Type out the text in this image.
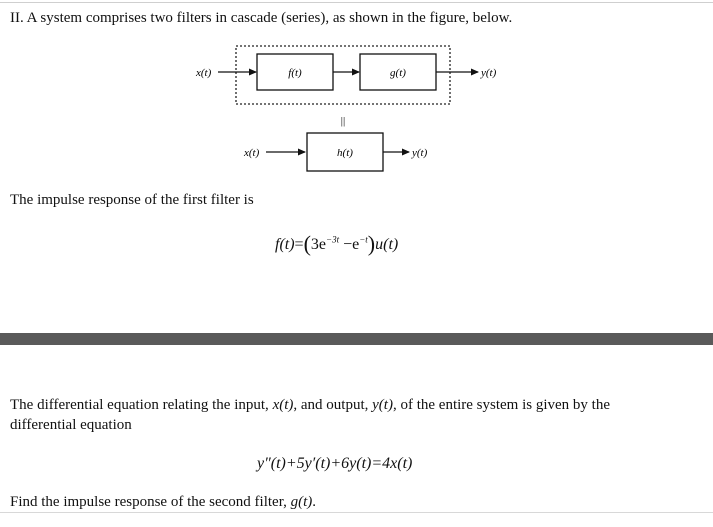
II. A system comprises two filters in cascade (series), as shown in the figure, below.
x(t)	f(t)	g(t)	y(t)
||
x(t)	h(t)	y(t)
The impulse response of the first filter is
$f(t)=(3e^{-3t} -e^{-t})u(t)$
The differential equation relating the input, x(t), and output, y(t), of the entire system is given by the
differential equation
y″(t)+5y′(t)+6y(t)=4x(t)
Find the impulse response of the second filter, g(t).
